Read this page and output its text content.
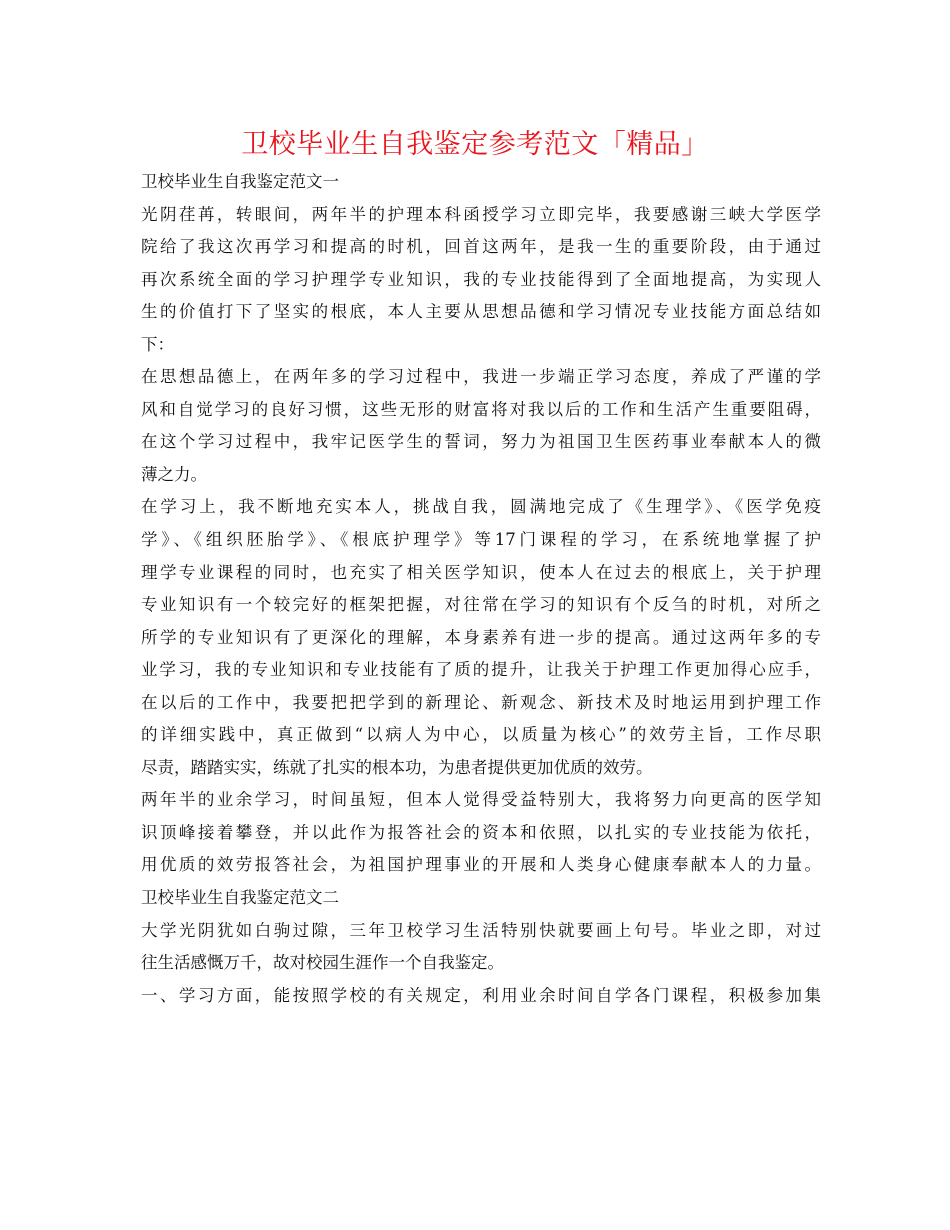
卫校毕业生自我鉴定参考范文「精品」
卫校毕业生自我鉴定范文一
光阴荏苒，转眼间，两年半的护理本科函授学习立即完毕，我要感谢三峡大学医学
院给了我这次再学习和提高的时机，回首这两年，是我一生的重要阶段，由于通过
再次系统全面的学习护理学专业知识，我的专业技能得到了全面地提高，为实现人
生的价值打下了坚实的根底，本人主要从思想品德和学习情况专业技能方面总结如
下：
在思想品德上，在两年多的学习过程中，我进一步端正学习态度，养成了严谨的学
风和自觉学习的良好习惯，这些无形的财富将对我以后的工作和生活产生重要阻碍，
在这个学习过程中，我牢记医学生的誓词，努力为祖国卫生医药事业奉献本人的微
薄之力。
在学习上，我不断地充实本人，挑战自我，圆满地完成了《生理学》、《医学免疫
学》、《组织胚胎学》、《根底护理学》等17门课程的学习，在系统地掌握了护
理学专业课程的同时，也充实了相关医学知识，使本人在过去的根底上，关于护理
专业知识有一个较完好的框架把握，对往常在学习的知识有个反刍的时机，对所之
所学的专业知识有了更深化的理解，本身素养有进一步的提高。通过这两年多的专
业学习，我的专业知识和专业技能有了质的提升，让我关于护理工作更加得心应手，
在以后的工作中，我要把把学到的新理论、新观念、新技术及时地运用到护理工作
的详细实践中，真正做到“以病人为中心，以质量为核心”的效劳主旨，工作尽职
尽责，踏踏实实，练就了扎实的根本功，为患者提供更加优质的效劳。
两年半的业余学习，时间虽短，但本人觉得受益特别大，我将努力向更高的医学知
识顶峰接着攀登，并以此作为报答社会的资本和依照，以扎实的专业技能为依托，
用优质的效劳报答社会，为祖国护理事业的开展和人类身心健康奉献本人的力量。
卫校毕业生自我鉴定范文二
大学光阴犹如白驹过隙，三年卫校学习生活特别快就要画上句号。毕业之即，对过
往生活感慨万千，故对校园生涯作一个自我鉴定。
一、学习方面，能按照学校的有关规定，利用业余时间自学各门课程，积极参加集
